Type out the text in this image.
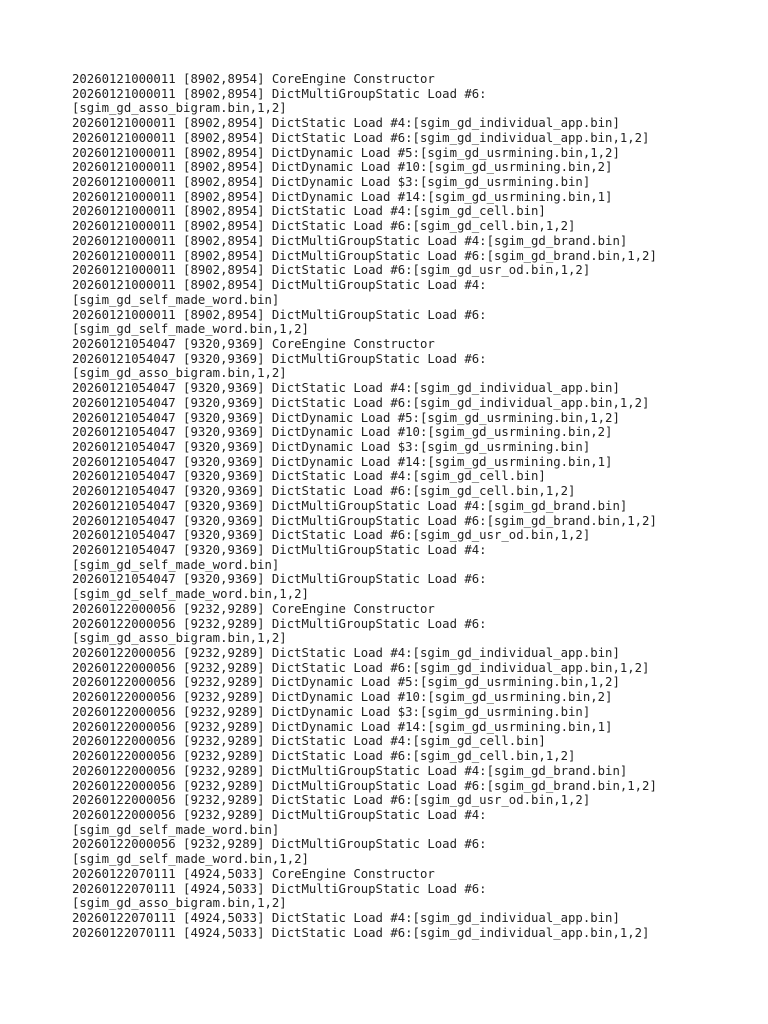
20260121000011 [8902,8954] CoreEngine Constructor
20260121000011 [8902,8954] DictMultiGroupStatic Load #6:
[sgim_gd_asso_bigram.bin,1,2]
20260121000011 [8902,8954] DictStatic Load #4:[sgim_gd_individual_app.bin]
20260121000011 [8902,8954] DictStatic Load #6:[sgim_gd_individual_app.bin,1,2]
20260121000011 [8902,8954] DictDynamic Load #5:[sgim_gd_usrmining.bin,1,2]
20260121000011 [8902,8954] DictDynamic Load #10:[sgim_gd_usrmining.bin,2]
20260121000011 [8902,8954] DictDynamic Load $3:[sgim_gd_usrmining.bin]
20260121000011 [8902,8954] DictDynamic Load #14:[sgim_gd_usrmining.bin,1]
20260121000011 [8902,8954] DictStatic Load #4:[sgim_gd_cell.bin]
20260121000011 [8902,8954] DictStatic Load #6:[sgim_gd_cell.bin,1,2]
20260121000011 [8902,8954] DictMultiGroupStatic Load #4:[sgim_gd_brand.bin]
20260121000011 [8902,8954] DictMultiGroupStatic Load #6:[sgim_gd_brand.bin,1,2]
20260121000011 [8902,8954] DictStatic Load #6:[sgim_gd_usr_od.bin,1,2]
20260121000011 [8902,8954] DictMultiGroupStatic Load #4:
[sgim_gd_self_made_word.bin]
20260121000011 [8902,8954] DictMultiGroupStatic Load #6:
[sgim_gd_self_made_word.bin,1,2]
20260121054047 [9320,9369] CoreEngine Constructor
20260121054047 [9320,9369] DictMultiGroupStatic Load #6:
[sgim_gd_asso_bigram.bin,1,2]
20260121054047 [9320,9369] DictStatic Load #4:[sgim_gd_individual_app.bin]
20260121054047 [9320,9369] DictStatic Load #6:[sgim_gd_individual_app.bin,1,2]
20260121054047 [9320,9369] DictDynamic Load #5:[sgim_gd_usrmining.bin,1,2]
20260121054047 [9320,9369] DictDynamic Load #10:[sgim_gd_usrmining.bin,2]
20260121054047 [9320,9369] DictDynamic Load $3:[sgim_gd_usrmining.bin]
20260121054047 [9320,9369] DictDynamic Load #14:[sgim_gd_usrmining.bin,1]
20260121054047 [9320,9369] DictStatic Load #4:[sgim_gd_cell.bin]
20260121054047 [9320,9369] DictStatic Load #6:[sgim_gd_cell.bin,1,2]
20260121054047 [9320,9369] DictMultiGroupStatic Load #4:[sgim_gd_brand.bin]
20260121054047 [9320,9369] DictMultiGroupStatic Load #6:[sgim_gd_brand.bin,1,2]
20260121054047 [9320,9369] DictStatic Load #6:[sgim_gd_usr_od.bin,1,2]
20260121054047 [9320,9369] DictMultiGroupStatic Load #4:
[sgim_gd_self_made_word.bin]
20260121054047 [9320,9369] DictMultiGroupStatic Load #6:
[sgim_gd_self_made_word.bin,1,2]
20260122000056 [9232,9289] CoreEngine Constructor
20260122000056 [9232,9289] DictMultiGroupStatic Load #6:
[sgim_gd_asso_bigram.bin,1,2]
20260122000056 [9232,9289] DictStatic Load #4:[sgim_gd_individual_app.bin]
20260122000056 [9232,9289] DictStatic Load #6:[sgim_gd_individual_app.bin,1,2]
20260122000056 [9232,9289] DictDynamic Load #5:[sgim_gd_usrmining.bin,1,2]
20260122000056 [9232,9289] DictDynamic Load #10:[sgim_gd_usrmining.bin,2]
20260122000056 [9232,9289] DictDynamic Load $3:[sgim_gd_usrmining.bin]
20260122000056 [9232,9289] DictDynamic Load #14:[sgim_gd_usrmining.bin,1]
20260122000056 [9232,9289] DictStatic Load #4:[sgim_gd_cell.bin]
20260122000056 [9232,9289] DictStatic Load #6:[sgim_gd_cell.bin,1,2]
20260122000056 [9232,9289] DictMultiGroupStatic Load #4:[sgim_gd_brand.bin]
20260122000056 [9232,9289] DictMultiGroupStatic Load #6:[sgim_gd_brand.bin,1,2]
20260122000056 [9232,9289] DictStatic Load #6:[sgim_gd_usr_od.bin,1,2]
20260122000056 [9232,9289] DictMultiGroupStatic Load #4:
[sgim_gd_self_made_word.bin]
20260122000056 [9232,9289] DictMultiGroupStatic Load #6:
[sgim_gd_self_made_word.bin,1,2]
20260122070111 [4924,5033] CoreEngine Constructor
20260122070111 [4924,5033] DictMultiGroupStatic Load #6:
[sgim_gd_asso_bigram.bin,1,2]
20260122070111 [4924,5033] DictStatic Load #4:[sgim_gd_individual_app.bin]
20260122070111 [4924,5033] DictStatic Load #6:[sgim_gd_individual_app.bin,1,2]
